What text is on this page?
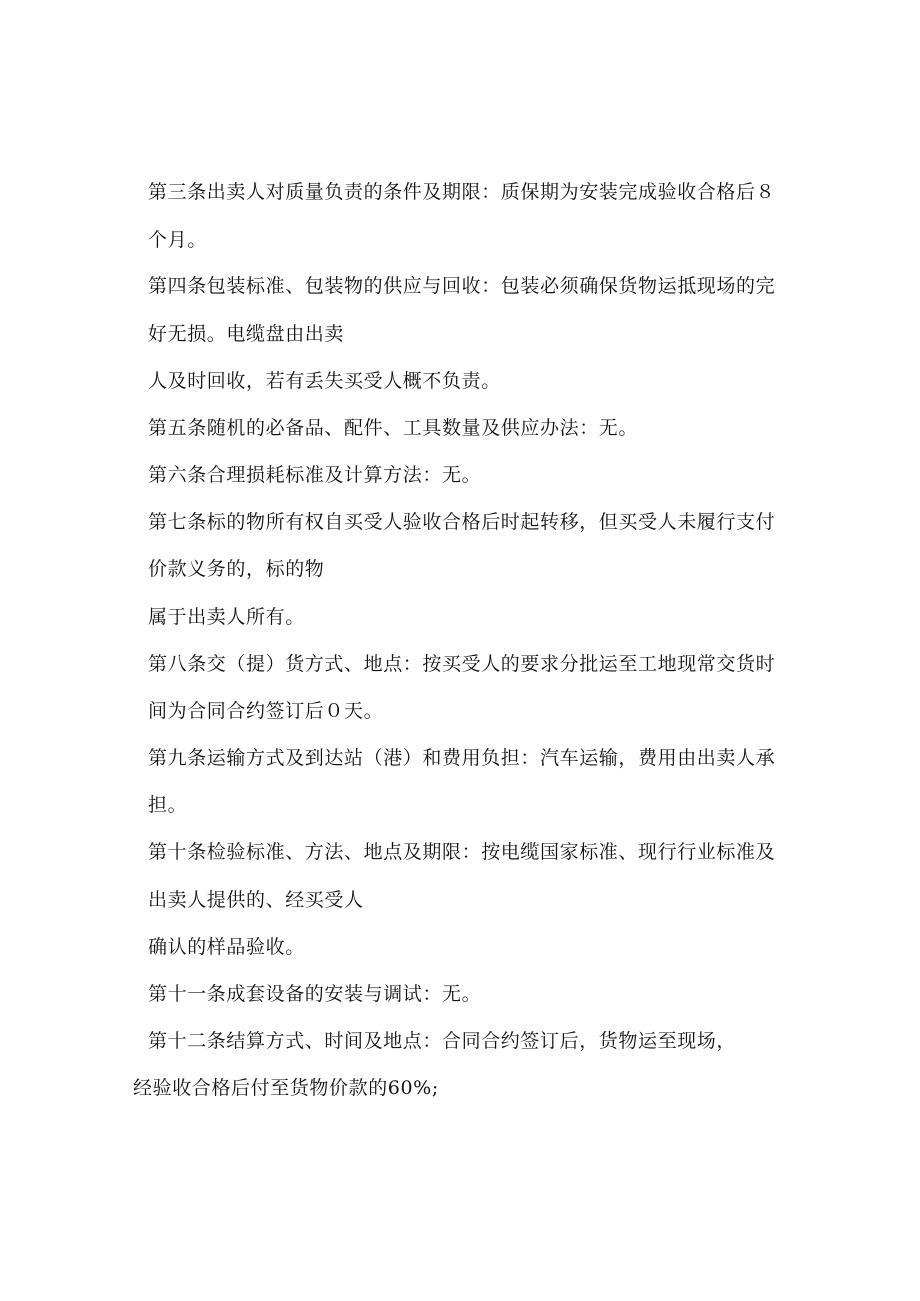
第三条出卖人对质量负责的条件及期限：质保期为安装完成验收合格后８
个月。
第四条包装标准、包装物的供应与回收：包装必须确保货物运抵现场的完
好无损。电缆盘由出卖
人及时回收，若有丢失买受人概不负责。
第五条随机的必备品、配件、工具数量及供应办法：无。
第六条合理损耗标准及计算方法：无。
第七条标的物所有权自买受人验收合格后时起转移，但买受人未履行支付
价款义务的，标的物
属于出卖人所有。
第八条交（提）货方式、地点：按买受人的要求分批运至工地现常交货时
间为合同合约签订后０天。
第九条运输方式及到达站（港）和费用负担：汽车运输，费用由出卖人承
担。
第十条检验标准、方法、地点及期限：按电缆国家标准、现行行业标准及
出卖人提供的、经买受人
确认的样品验收。
第十一条成套设备的安装与调试：无。
第十二条结算方式、时间及地点：合同合约签订后，货物运至现场，
经验收合格后付至货物价款的60%;
